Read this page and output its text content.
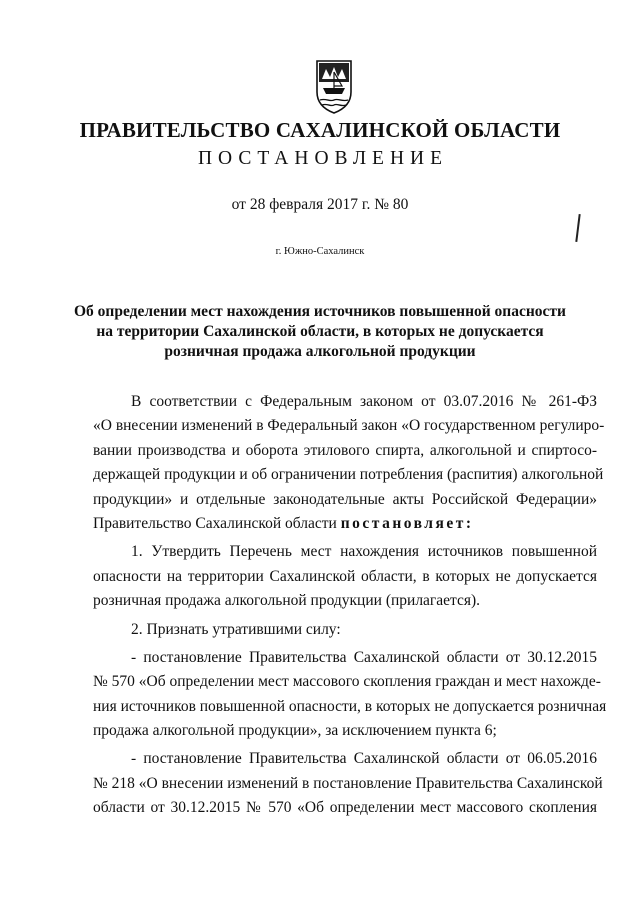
ПРАВИТЕЛЬСТВО САХАЛИНСКОЙ ОБЛАСТИ
ПОСТАНОВЛЕНИЕ
от 28 февраля 2017 г. № 80
г. Южно-Сахалинск
Об определении мест нахождения источников повышенной опасности
на территории Сахалинской области, в которых не допускается
розничная продажа алкогольной продукции
В соответствии с Федеральным законом от 03.07.2016 № 261-ФЗ
«О внесении изменений в Федеральный закон «О государственном регулиро-
вании производства и оборота этилового спирта, алкогольной и спиртосо-
держащей продукции и об ограничении потребления (распития) алкогольной
продукции» и отдельные законодательные акты Российской Федерации»
Правительство Сахалинской области постановляет:
1. Утвердить Перечень мест нахождения источников повышенной
опасности на территории Сахалинской области, в которых не допускается
розничная продажа алкогольной продукции (прилагается).
2. Признать утратившими силу:
- постановление Правительства Сахалинской области от 30.12.2015
№ 570 «Об определении мест массового скопления граждан и мест нахожде-
ния источников повышенной опасности, в которых не допускается розничная
продажа алкогольной продукции», за исключением пункта 6;
- постановление Правительства Сахалинской области от 06.05.2016
№ 218 «О внесении изменений в постановление Правительства Сахалинской
области от 30.12.2015 № 570 «Об определении мест массового скопления
